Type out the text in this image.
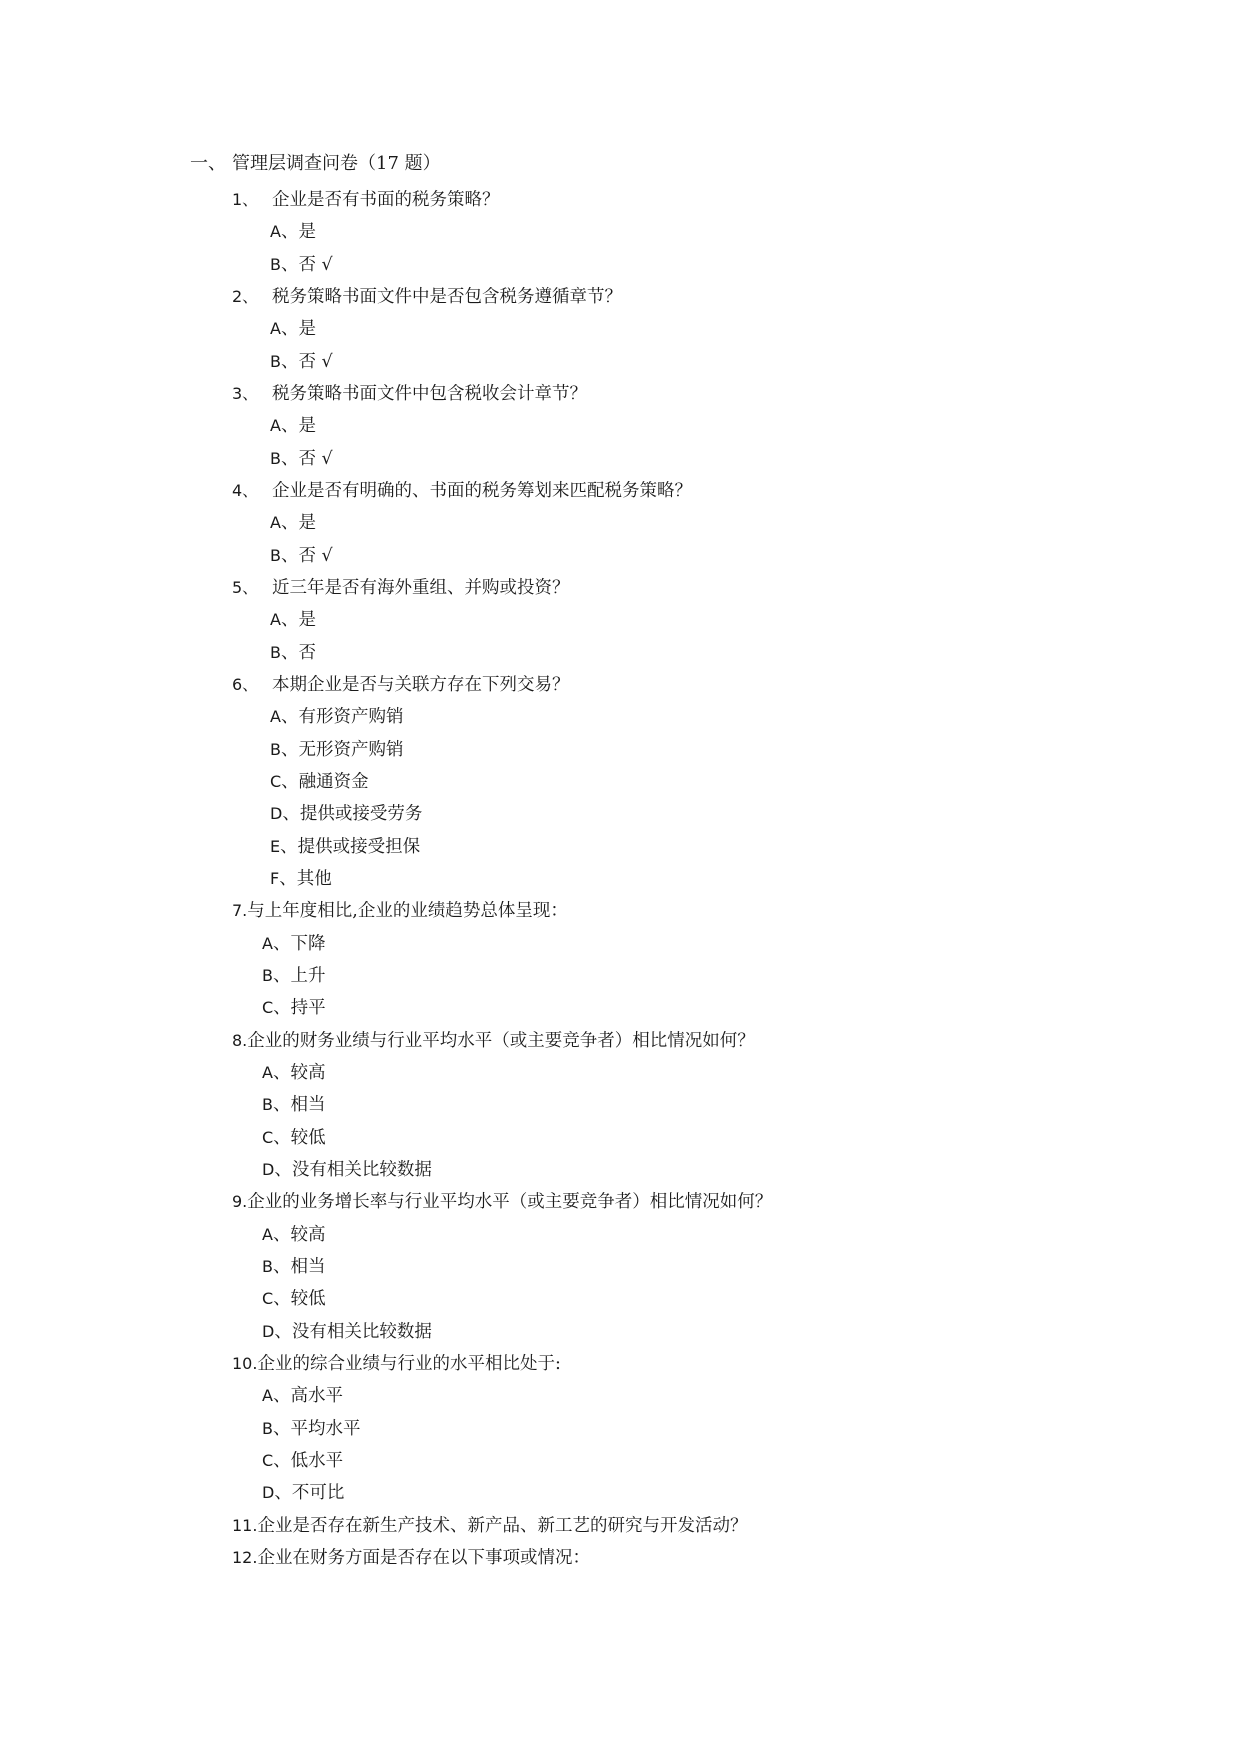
一、 管理层调查问卷（17 题）
1、 企业是否有书面的税务策略？
A、是
B、否 √
2、 税务策略书面文件中是否包含税务遵循章节？
A、是
B、否 √
3、 税务策略书面文件中包含税收会计章节？
A、是
B、否 √
4、 企业是否有明确的、书面的税务筹划来匹配税务策略？
A、是
B、否 √
5、 近三年是否有海外重组、并购或投资？
A、是
B、否
6、 本期企业是否与关联方存在下列交易？
A、有形资产购销
B、无形资产购销
C、融通资金
D、提供或接受劳务
E、提供或接受担保
F、其他
7.与上年度相比,企业的业绩趋势总体呈现：
A、下降
B、上升
C、持平
8.企业的财务业绩与行业平均水平（或主要竞争者）相比情况如何？
A、较高
B、相当
C、较低
D、没有相关比较数据
9.企业的业务增长率与行业平均水平（或主要竞争者）相比情况如何？
A、较高
B、相当
C、较低
D、没有相关比较数据
10.企业的综合业绩与行业的水平相比处于:
A、高水平
B、平均水平
C、低水平
D、不可比
11.企业是否存在新生产技术、新产品、新工艺的研究与开发活动？
12.企业在财务方面是否存在以下事项或情况：
